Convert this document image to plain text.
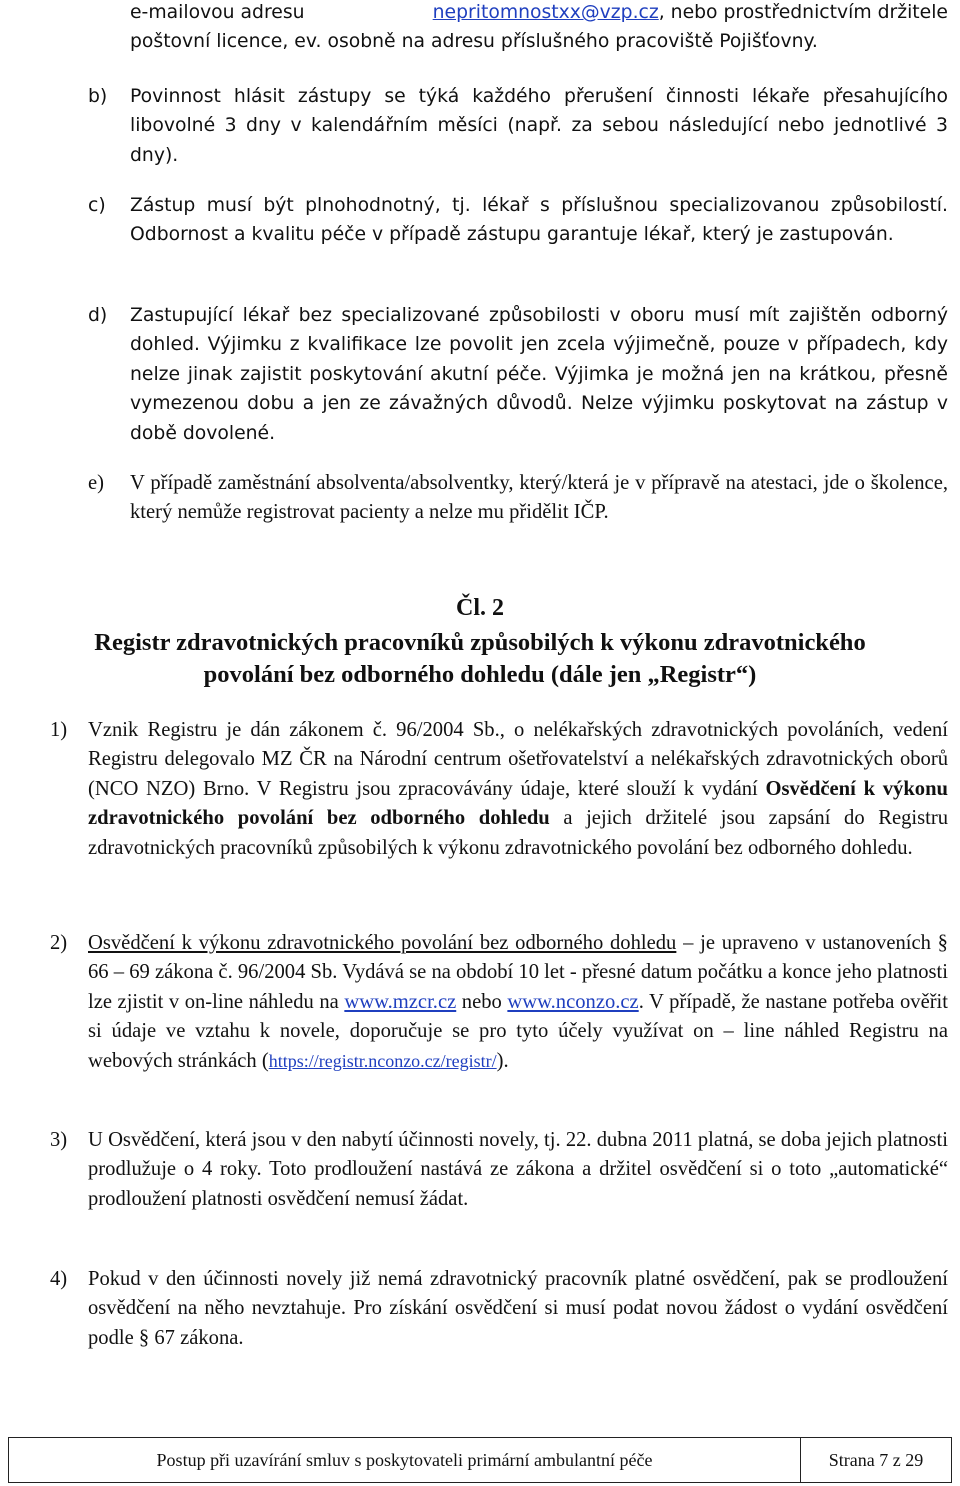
e-mailovou adresu	nepritomnostxx@vzp.cz, nebo prostřednictvím držitele
poštovní licence, ev. osobně na adresu příslušného pracoviště Pojišťovny.
b) Povinnost hlásit zástupy se týká každého přerušení činnosti lékaře přesahujícího libovolné 3 dny v kalendářním měsíci (např. za sebou následující nebo jednotlivé 3 dny).
c) Zástup musí být plnohodnotný, tj. lékař s příslušnou specializovanou způsobilostí. Odbornost a kvalitu péče v případě zástupu garantuje lékař, který je zastupován.
d) Zastupující lékař bez specializované způsobilosti v oboru musí mít zajištěn odborný dohled. Výjimku z kvalifikace lze povolit jen zcela výjimečně, pouze v případech, kdy nelze jinak zajistit poskytování akutní péče. Výjimka je možná jen na krátkou, přesně vymezenou dobu a jen ze závažných důvodů. Nelze výjimku poskytovat na zástup v době dovolené.
e) V případě zaměstnání absolventa/absolventky, který/která je v přípravě na atestaci, jde o školence, který nemůže registrovat pacienty a nelze mu přidělit IČP.
Čl. 2
Registr zdravotnických pracovníků způsobilých k výkonu zdravotnického
povolání bez odborného dohledu (dále jen „Registr“)
1) Vznik Registru je dán zákonem č. 96/2004 Sb., o nelékařských zdravotnických povoláních, vedení Registru delegovalo MZ ČR na Národní centrum ošetřovatelství a nelékařských zdravotnických oborů (NCO NZO) Brno. V Registru jsou zpracovávány údaje, které slouží k vydání Osvědčení k výkonu zdravotnického povolání bez odborného dohledu a jejich držitelé jsou zapsání do Registru zdravotnických pracovníků způsobilých k výkonu zdravotnického povolání bez odborného dohledu.
2) Osvědčení k výkonu zdravotnického povolání bez odborného dohledu – je upraveno v ustanoveních § 66 – 69 zákona č. 96/2004 Sb. Vydává se na období 10 let - přesné datum počátku a konce jeho platnosti lze zjistit v on-line náhledu na www.mzcr.cz nebo www.nconzo.cz. V případě, že nastane potřeba ověřit si údaje ve vztahu k novele, doporučuje se pro tyto účely využívat on – line náhled Registru na webových stránkách (https://registr.nconzo.cz/registr/).
3) U Osvědčení, která jsou v den nabytí účinnosti novely, tj. 22. dubna 2011 platná, se doba jejich platnosti prodlužuje o 4 roky. Toto prodloužení nastává ze zákona a držitel osvědčení si o toto „automatické“ prodloužení platnosti osvědčení nemusí žádat.
4) Pokud v den účinnosti novely již nemá zdravotnický pracovník platné osvědčení, pak se prodloužení osvědčení na něho nevztahuje. Pro získání osvědčení si musí podat novou žádost o vydání osvědčení podle § 67 zákona.
Postup při uzavírání smluv s poskytovateli primární ambulantní péče	Strana 7 z 29
